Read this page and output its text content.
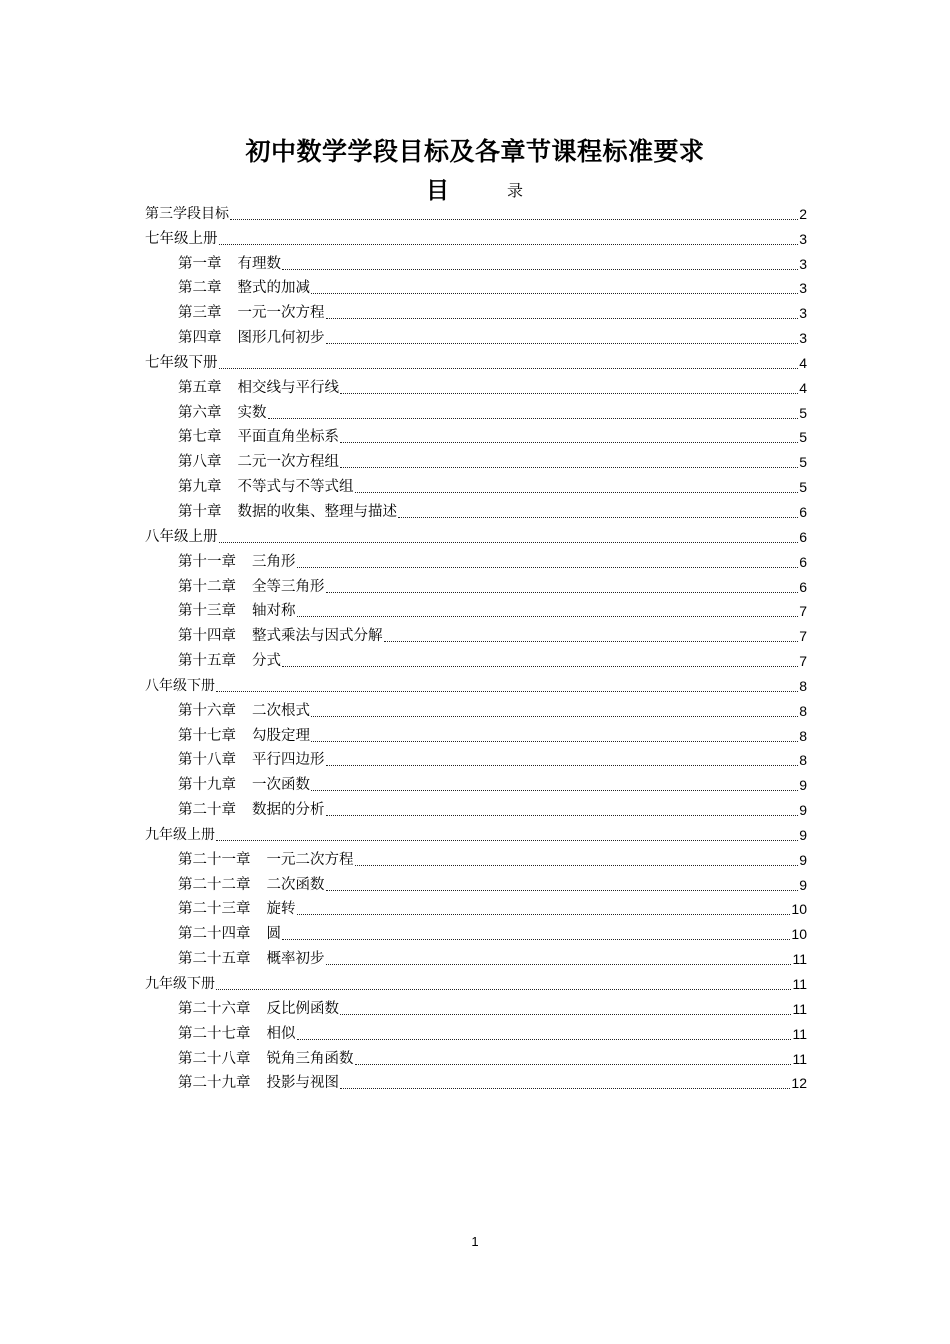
初中数学学段目标及各章节课程标准要求
目	录
第三学段目标	2
七年级上册	3
第一章 有理数	3
第二章 整式的加减	3
第三章 一元一次方程	3
第四章 图形几何初步	3
七年级下册	4
第五章 相交线与平行线	4
第六章 实数	5
第七章 平面直角坐标系	5
第八章 二元一次方程组	5
第九章 不等式与不等式组	5
第十章 数据的收集、整理与描述	6
八年级上册	6
第十一章 三角形	6
第十二章 全等三角形	6
第十三章 轴对称	7
第十四章 整式乘法与因式分解	7
第十五章 分式	7
八年级下册	8
第十六章 二次根式	8
第十七章 勾股定理	8
第十八章 平行四边形	8
第十九章 一次函数	9
第二十章 数据的分析	9
九年级上册	9
第二十一章 一元二次方程	9
第二十二章 二次函数	9
第二十三章 旋转	10
第二十四章 圆	10
第二十五章 概率初步	11
九年级下册	11
第二十六章 反比例函数	11
第二十七章 相似	11
第二十八章 锐角三角函数	11
第二十九章 投影与视图	12
1
